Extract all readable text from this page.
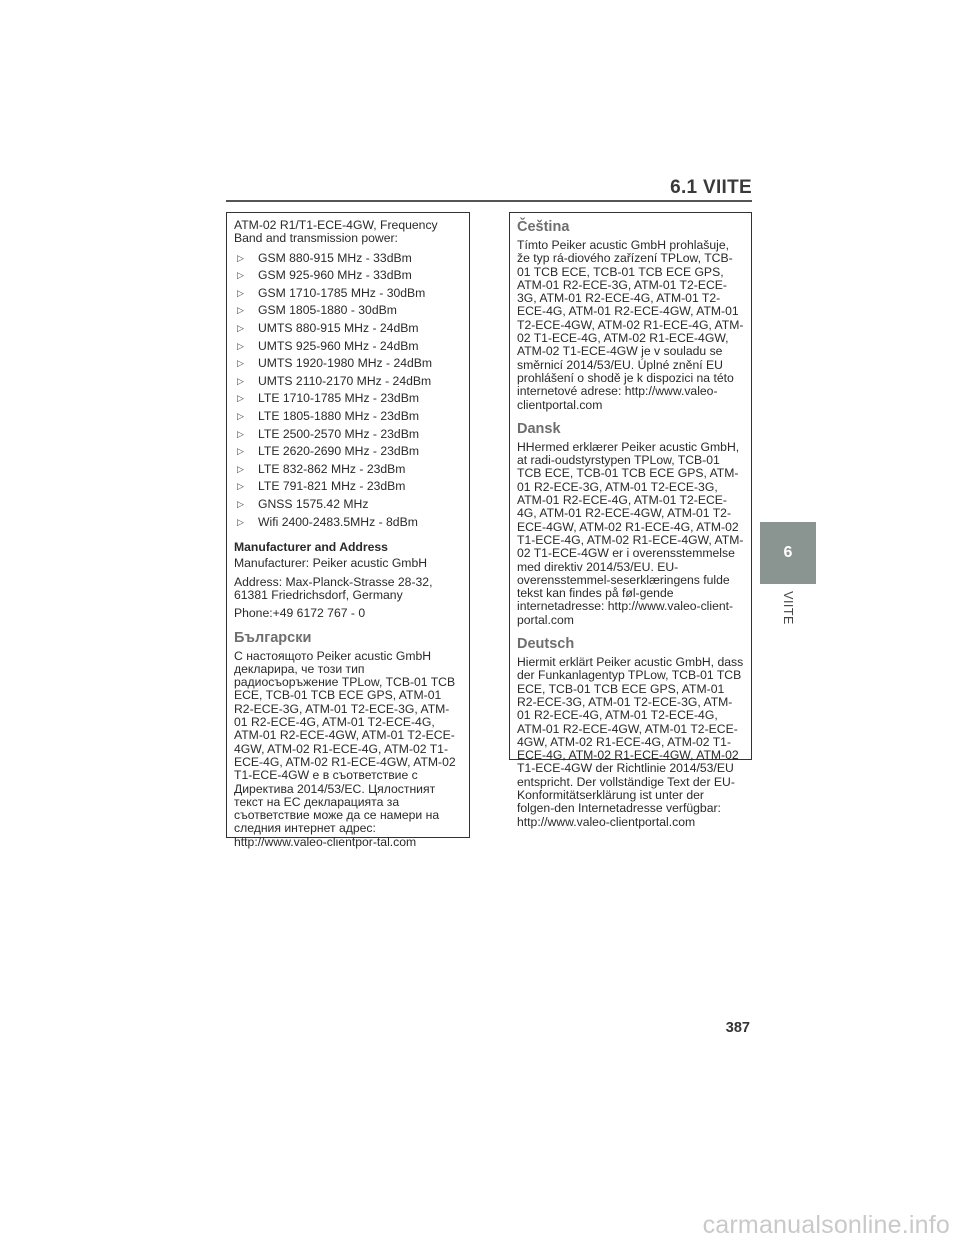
6.1 VIITE

ATM-02 R1/T1-ECE-4GW, Frequency Band and transmission power:

▷ GSM 880-915 MHz - 33dBm
▷ GSM 925-960 MHz - 33dBm
▷ GSM 1710-1785 MHz - 30dBm
▷ GSM 1805-1880 - 30dBm
▷ UMTS 880-915 MHz - 24dBm
▷ UMTS 925-960 MHz - 24dBm
▷ UMTS 1920-1980 MHz - 24dBm
▷ UMTS 2110-2170 MHz - 24dBm
▷ LTE 1710-1785 MHz - 23dBm
▷ LTE 1805-1880 MHz - 23dBm
▷ LTE 2500-2570 MHz - 23dBm
▷ LTE 2620-2690 MHz - 23dBm
▷ LTE 832-862 MHz - 23dBm
▷ LTE 791-821 MHz - 23dBm
▷ GNSS 1575.42 MHz
▷ Wifi 2400-2483.5MHz - 8dBm
Manufacturer and Address
Manufacturer: Peiker acustic GmbH
Address: Max-Planck-Strasse 28-32, 61381 Friedrichsdorf, Germany
Phone:+49 6172 767 - 0
Български

С настоящото Peiker acustic GmbH декларира, че този тип радиосъоръжение TPLow, TCB-01 TCB ECE, TCB-01 TCB ECE GPS, ATM-01 R2-ECE-3G, ATM-01 T2-ECE-3G, ATM-01 R2-ECE-4G, ATM-01 T2-ECE-4G, ATM-01 R2-ECE-4GW, ATM-01 T2-ECE-4GW, ATM-02 R1-ECE-4G, ATM-02 T1-ECE-4G, ATM-02 R1-ECE-4GW, ATM-02 T1-ECE-4GW е в съответствие с Директива 2014/53/ЕС. Цялостният текст на ЕС декларацията за съответствие може да се намери на следния интернет адрес: http://www.valeo-clientpor-tal.com

Čeština

Tímto Peiker acustic GmbH prohlašuje, že typ rá-diového zařízení TPLow, TCB-01 TCB ECE, TCB-01 TCB ECE GPS, ATM-01 R2-ECE-3G, ATM-01 T2-ECE-3G, ATM-01 R2-ECE-4G, ATM-01 T2-ECE-4G, ATM-01 R2-ECE-4GW, ATM-01 T2-ECE-4GW, ATM-02 R1-ECE-4G, ATM-02 T1-ECE-4G, ATM-02 R1-ECE-4GW, ATM-02 T1-ECE-4GW je v souladu se směrnicí 2014/53/EU. Úplné znění EU prohlášení o shodě je k dispozici na této internetové adrese: http://www.valeo-clientportal.com

Dansk

HHermed erklærer Peiker acustic GmbH, at radi-oudstyrstypen TPLow, TCB-01 TCB ECE, TCB-01 TCB ECE GPS, ATM-01 R2-ECE-3G, ATM-01 T2-ECE-3G, ATM-01 R2-ECE-4G, ATM-01 T2-ECE-4G, ATM-01 R2-ECE-4GW, ATM-01 T2-ECE-4GW, ATM-02 R1-ECE-4G, ATM-02 T1-ECE-4G, ATM-02 R1-ECE-4GW, ATM-02 T1-ECE-4GW er i overensstemmelse med direktiv 2014/53/EU. EU-overensstemmel-seserklæringens fulde tekst kan findes på føl-gende internetadresse: http://www.valeo-client-portal.com

Deutsch

Hiermit erklärt Peiker acustic GmbH, dass der Funkanlagentyp TPLow, TCB-01 TCB ECE, TCB-01 TCB ECE GPS, ATM-01 R2-ECE-3G, ATM-01 T2-ECE-3G, ATM-01 R2-ECE-4G, ATM-01 T2-ECE-4G, ATM-01 R2-ECE-4GW, ATM-01 T2-ECE-4GW, ATM-02 R1-ECE-4G, ATM-02 T1-ECE-4G, ATM-02 R1-ECE-4GW, ATM-02 T1-ECE-4GW der Richtlinie 2014/53/EU entspricht. Der vollständige Text der EU-Konformitätserklärung ist unter der folgen-den Internetadresse verfügbar: http://www.valeo-clientportal.com

6
VIITE
387
carmanualsonline.info
